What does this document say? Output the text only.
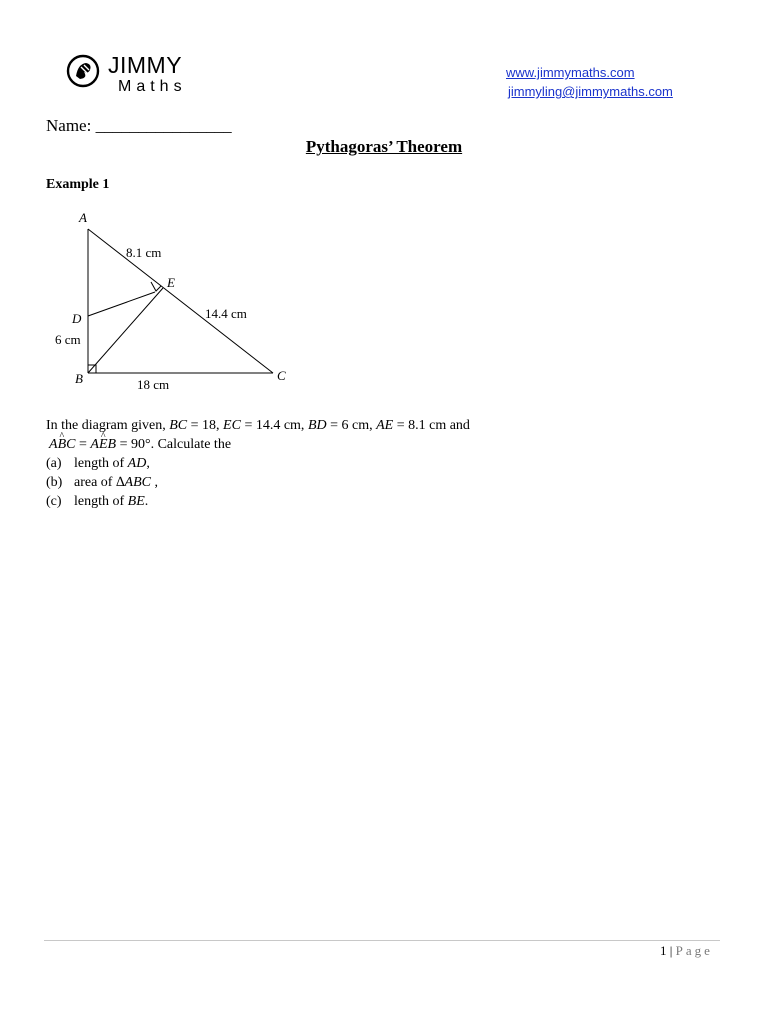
JIMMY
Maths
www.jimmymaths.com
jimmyling@jimmymaths.com
Name: ________________
Pythagoras’ Theorem
Example 1
A
B	C
D
E
8.1 cm
14.4 cm
6 cm
18 cm
In the diagram given, BC = 18, EC = 14.4 cm, BD = 6 cm, AE = 8.1 cm and
A^ BC = A^ EB = 90°. Calculate the
(a) length of AD,
(b) area of ∆ABC ,
(c) length of BE.
1 | Page
